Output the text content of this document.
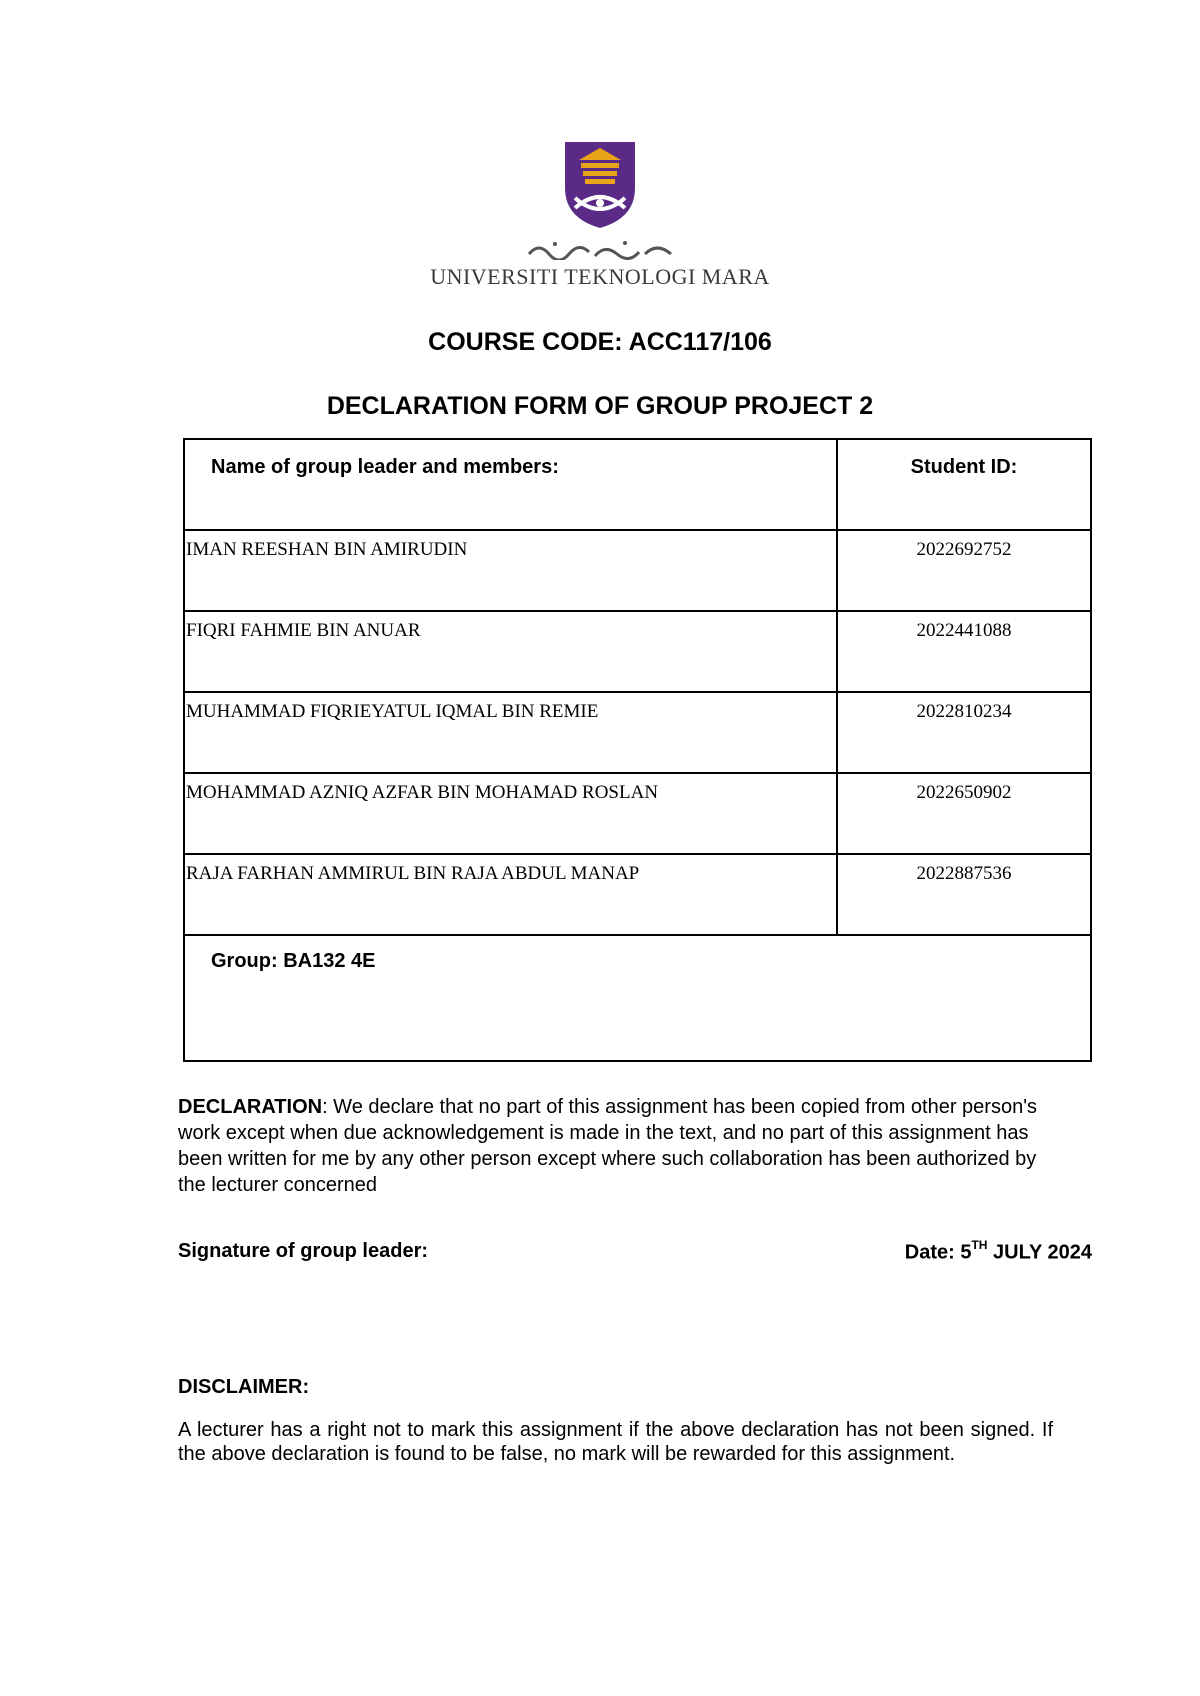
UNIVERSITI TEKNOLOGI MARA
COURSE CODE: ACC117/106
DECLARATION FORM OF GROUP PROJECT 2
Name of group leader and members:	Student ID:
IMAN REESHAN BIN AMIRUDIN	2022692752
FIQRI FAHMIE BIN ANUAR	2022441088
MUHAMMAD FIQRIEYATUL IQMAL BIN REMIE	2022810234
MOHAMMAD AZNIQ AZFAR BIN MOHAMAD ROSLAN	2022650902
RAJA FARHAN AMMIRUL BIN RAJA ABDUL MANAP	2022887536
Group: BA132 4E	
DECLARATION: We declare that no part of this assignment has been copied from other person's work except when due acknowledgement is made in the text, and no part of this assignment has been written for me by any other person except where such collaboration has been authorized by the lecturer concerned
Signature of group leader:	Date: 5TH JULY 2024
DISCLAIMER:
A lecturer has a right not to mark this assignment if the above declaration has not been signed. If the above declaration is found to be false, no mark will be rewarded for this assignment.
